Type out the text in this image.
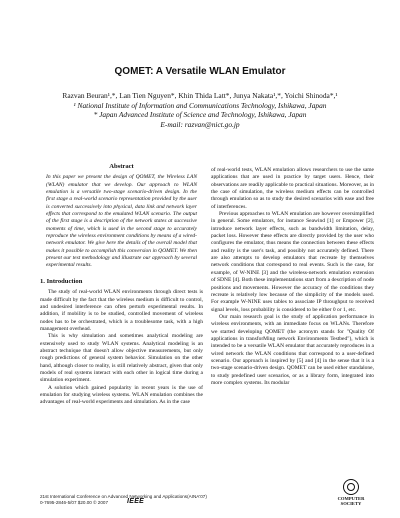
QOMET: A Versatile WLAN Emulator
Razvan Beuran¹,*, Lan Tien Nguyen*, Khin Thida Latt*, Junya Nakata¹,*, Yoichi Shinoda*,¹
¹ National Institute of Information and Communications Technology, Ishikawa, Japan
* Japan Advanced Institute of Science and Technology, Ishikawa, Japan
E-mail: razvan@nict.go.jp
Abstract
In this paper we present the design of QOMET, the Wireless LAN (WLAN) emulator that we develop. Our approach to WLAN emulation is a versatile two-stage scenario-driven design. In the first stage a real-world scenario representation provided by the user is converted successively into physical, data link and network layer effects that correspond to the emulated WLAN scenario. The output of the first stage is a description of the network states at successive moments of time, which is used in the second stage to accurately reproduce the wireless environment conditions by means of a wired-network emulator. We give here the details of the overall model that makes it possible to accomplish this conversion in QOMET. We then present our test methodology and illustrate our approach by several experimental results.
1. Introduction

The study of real-world WLAN environments through direct tests is made difficult by the fact that the wireless medium is difficult to control, and undesired interference can often perturb experimental results. In addition, if mobility is to be studied, controlled movement of wireless nodes has to be orchestrated, which is a troublesome task, with a high management overhead.

This is why simulation and sometimes analytical modeling are extensively used to study WLAN systems. Analytical modeling is an abstract technique that doesn't allow objective measurements, but only rough predictions of general system behavior. Simulation on the other hand, although closer to reality, is still relatively abstract, given that only models of real systems interact with each other in logical time during a simulation experiment.

A solution which gained popularity in recent years is the use of emulation for studying wireless systems. WLAN emulation combines the advantages of real-world experiments and simulation. As in the case

of real-world tests, WLAN emulation allows researchers to use the same applications that are used in practice by target users. Hence, their observations are readily applicable to practical situations. Moreover, as in the case of simulation, the wireless medium effects can be controlled through emulation so as to study the desired scenarios with ease and free of interferences.

Previous approaches to WLAN emulation are however oversimplified in general. Some emulators, for instance Seawind [1] or Empower [2], introduce network layer effects, such as bandwidth limitation, delay, packet loss. However these effects are directly provided by the user who configures the emulator, thus means the connection between these effects and reality is the user's task, and possibly not accurately defined. There are also attempts to develop emulators that recreate by themselves network conditions that correspond to real events. Such is the case, for example, of W-NINE [3] and the wireless-network emulation extension of SDNE [4]. Both these implementations start from a description of node positions and movements. However the accuracy of the conditions they recreate is relatively low because of the simplicity of the models used. For example W-NINE uses tables to associate IP throughput to received signal levels, loss probability is considered to be either 0 or 1, etc.

Our main research goal is the study of application performance in wireless environments, with an immediate focus on WLANs. Therefore we started developing QOMET (the acronym stands for "Quality Of applications in transforMing network Environments Testbed"), which is intended to be a versatile WLAN emulator that accurately reproduces in a wired network the WLAN conditions that correspond to a user-defined scenario. Our approach is inspired by [5] and [4] in the sense that it is a two-stage scenario-driven design. QOMET can be used either standalone, to study predefined user scenarios, or as a library form, integrated into more complex systems. Its modular

21st International Conference on Advanced Networking and Applications(AINA'07)
0-7695-2846-5/07 $20.00 © 2007	IEEE	COMPUTER
SOCIETY
